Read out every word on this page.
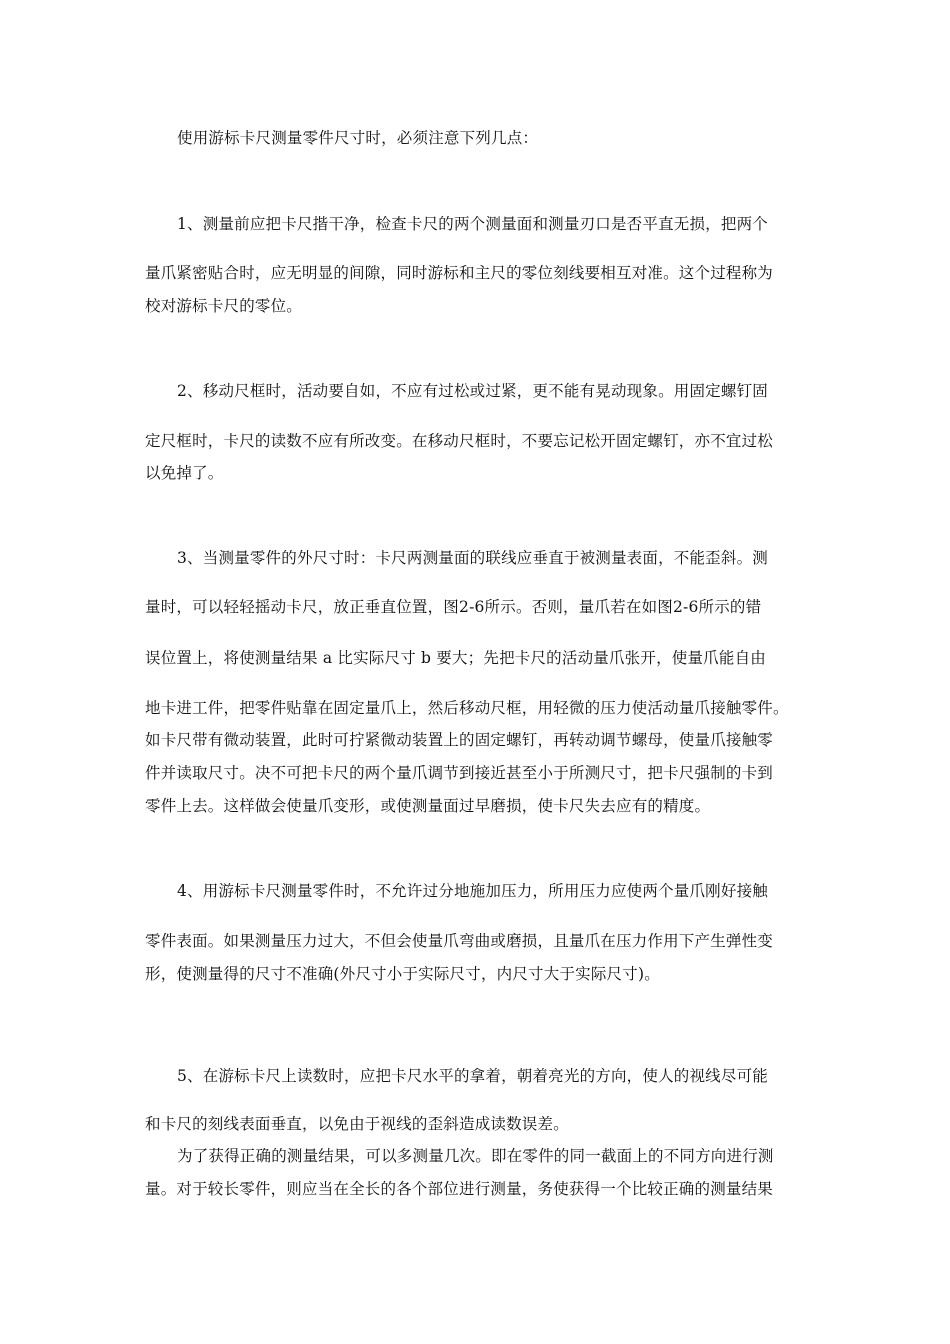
使用游标卡尺测量零件尺寸时，必须注意下列几点：
1、测量前应把卡尺揩干净，检查卡尺的两个测量面和测量刃口是否平直无损，把两个
量爪紧密贴合时，应无明显的间隙，同时游标和主尺的零位刻线要相互对准。这个过程称为
校对游标卡尺的零位。
2、移动尺框时，活动要自如，不应有过松或过紧，更不能有晃动现象。用固定螺钉固
定尺框时，卡尺的读数不应有所改变。在移动尺框时，不要忘记松开固定螺钉，亦不宜过松
以免掉了。
3、当测量零件的外尺寸时：卡尺两测量面的联线应垂直于被测量表面，不能歪斜。测
量时，可以轻轻摇动卡尺，放正垂直位置，图2-6所示。否则，量爪若在如图2-6所示的错
误位置上，将使测量结果 a 比实际尺寸 b 要大；先把卡尺的活动量爪张开，使量爪能自由
地卡进工件，把零件贴靠在固定量爪上，然后移动尺框，用轻微的压力使活动量爪接触零件。
如卡尺带有微动装置，此时可拧紧微动装置上的固定螺钉，再转动调节螺母，使量爪接触零
件并读取尺寸。决不可把卡尺的两个量爪调节到接近甚至小于所测尺寸，把卡尺强制的卡到
零件上去。这样做会使量爪变形，或使测量面过早磨损，使卡尺失去应有的精度。
4、用游标卡尺测量零件时，不允许过分地施加压力，所用压力应使两个量爪刚好接触
零件表面。如果测量压力过大，不但会使量爪弯曲或磨损，且量爪在压力作用下产生弹性变
形，使测量得的尺寸不准确(外尺寸小于实际尺寸，内尺寸大于实际尺寸)。
5、在游标卡尺上读数时，应把卡尺水平的拿着，朝着亮光的方向，使人的视线尽可能
和卡尺的刻线表面垂直，以免由于视线的歪斜造成读数误差。
为了获得正确的测量结果，可以多测量几次。即在零件的同一截面上的不同方向进行测
量。对于较长零件，则应当在全长的各个部位进行测量，务使获得一个比较正确的测量结果
